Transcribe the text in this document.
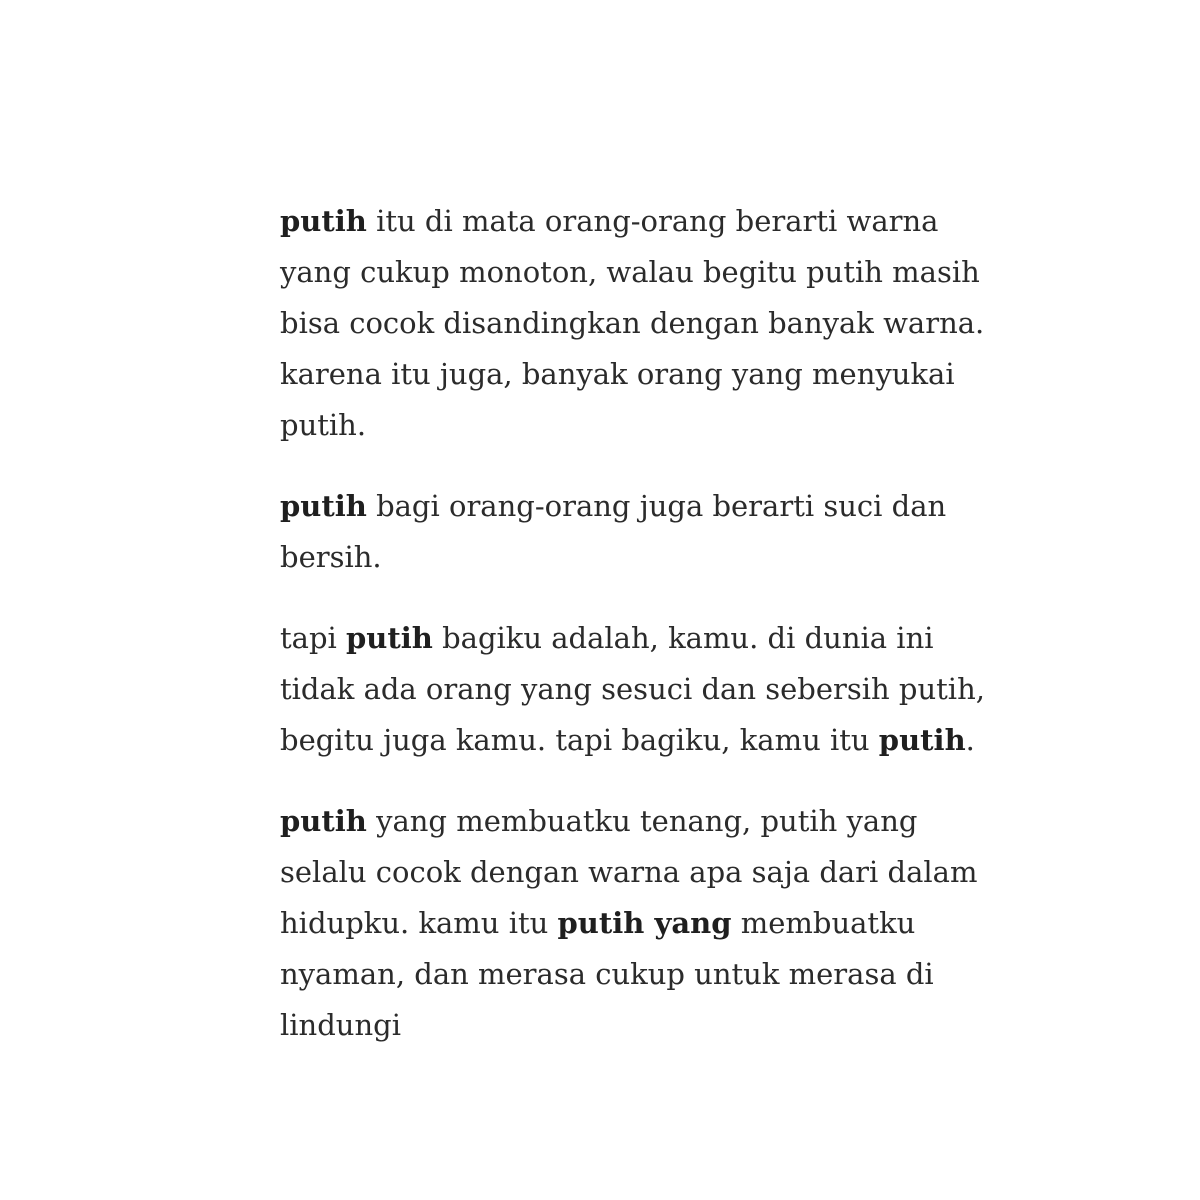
putih itu di mata orang-orang berarti warna
yang cukup monoton, walau begitu putih masih
bisa cocok disandingkan dengan banyak warna.
karena itu juga, banyak orang yang menyukai
putih.
putih bagi orang-orang juga berarti suci dan
bersih.
tapi putih bagiku adalah, kamu. di dunia ini
tidak ada orang yang sesuci dan sebersih putih,
begitu juga kamu. tapi bagiku, kamu itu putih.
putih yang membuatku tenang, putih yang
selalu cocok dengan warna apa saja dari dalam
hidupku. kamu itu putih yang membuatku
nyaman, dan merasa cukup untuk merasa di
lindungi
